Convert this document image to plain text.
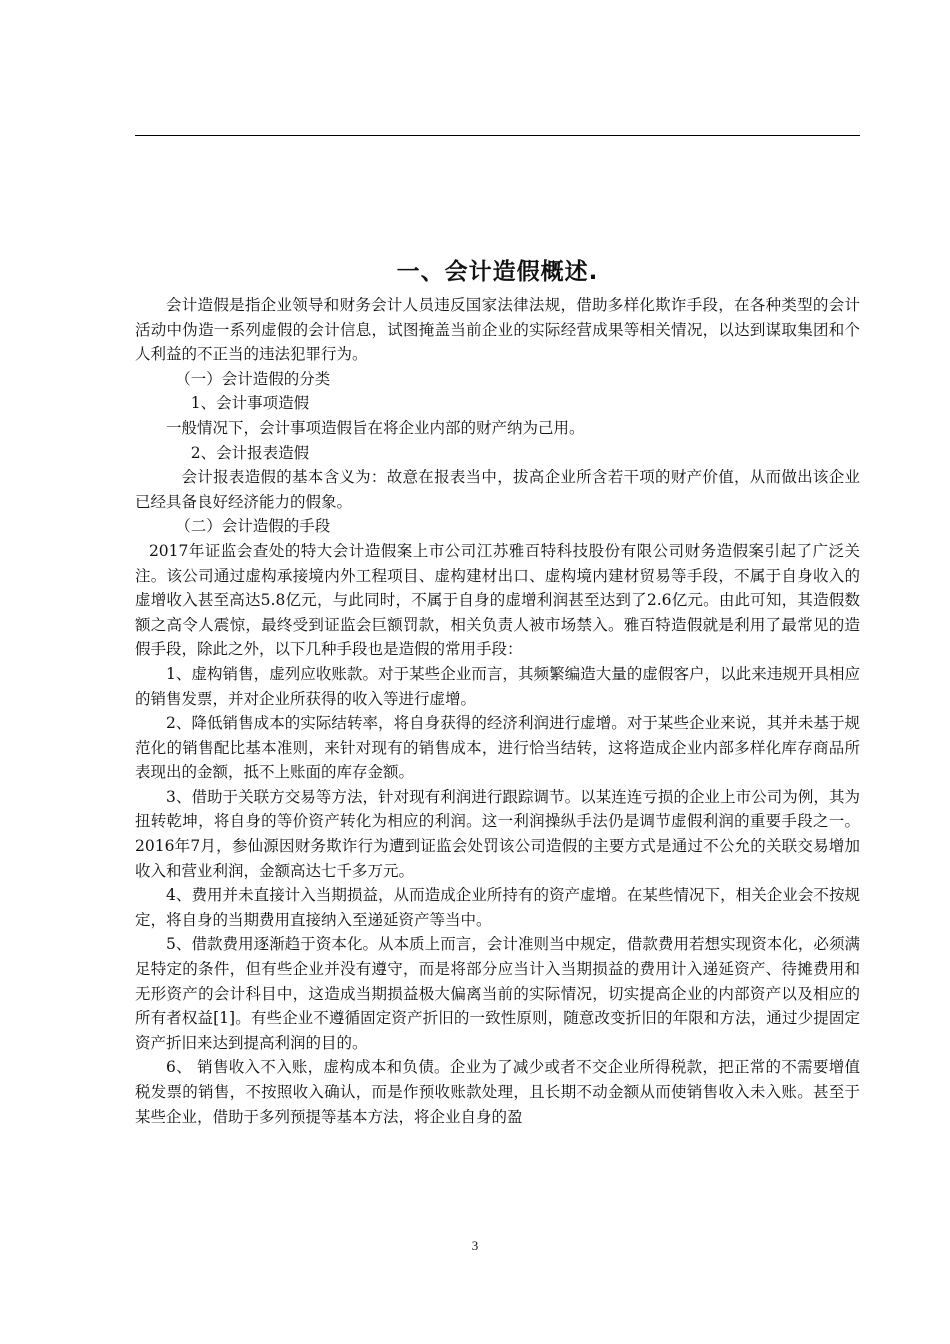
一、会计造假概述.

会计造假是指企业领导和财务会计人员违反国家法律法规，借助多样化欺诈手段，在各种类型的会计活动中伪造一系列虚假的会计信息，试图掩盖当前企业的实际经营成果等相关情况，以达到谋取集团和个人利益的不正当的违法犯罪行为。

（一）会计造假的分类

1、会计事项造假

一般情况下，会计事项造假旨在将企业内部的财产纳为己用。

2、会计报表造假

会计报表造假的基本含义为：故意在报表当中，拔高企业所含若干项的财产价值，从而做出该企业已经具备良好经济能力的假象。

（二）会计造假的手段

2017年证监会查处的特大会计造假案上市公司江苏雅百特科技股份有限公司财务造假案引起了广泛关注。该公司通过虚构承接境内外工程项目、虚构建材出口、虚构境内建材贸易等手段，不属于自身收入的虚增收入甚至高达5.8亿元，与此同时，不属于自身的虚增利润甚至达到了2.6亿元。由此可知，其造假数额之高令人震惊，最终受到证监会巨额罚款，相关负责人被市场禁入。雅百特造假就是利用了最常见的造假手段，除此之外，以下几种手段也是造假的常用手段：

1、虚构销售，虚列应收账款。对于某些企业而言，其频繁编造大量的虚假客户，以此来违规开具相应的销售发票，并对企业所获得的收入等进行虚增。

2、降低销售成本的实际结转率，将自身获得的经济利润进行虚增。对于某些企业来说，其并未基于规范化的销售配比基本准则，来针对现有的销售成本，进行恰当结转，这将造成企业内部多样化库存商品所表现出的金额，抵不上账面的库存金额。

3、借助于关联方交易等方法，针对现有利润进行跟踪调节。以某连连亏损的企业上市公司为例，其为扭转乾坤，将自身的等价资产转化为相应的利润。这一利润操纵手法仍是调节虚假利润的重要手段之一。2016年7月，参仙源因财务欺诈行为遭到证监会处罚该公司造假的主要方式是通过不公允的关联交易增加收入和营业利润，金额高达七千多万元。

4、费用并未直接计入当期损益，从而造成企业所持有的资产虚增。在某些情况下，相关企业会不按规定，将自身的当期费用直接纳入至递延资产等当中。

5、借款费用逐渐趋于资本化。从本质上而言，会计准则当中规定，借款费用若想实现资本化，必须满足特定的条件，但有些企业并没有遵守，而是将部分应当计入当期损益的费用计入递延资产、待摊费用和无形资产的会计科目中，这造成当期损益极大偏离当前的实际情况，切实提高企业的内部资产以及相应的所有者权益[1]。有些企业不遵循固定资产折旧的一致性原则，随意改变折旧的年限和方法，通过少提固定资产折旧来达到提高利润的目的。

6、 销售收入不入账，虚构成本和负债。企业为了减少或者不交企业所得税款，把正常的不需要增值税发票的销售，不按照收入确认，而是作预收账款处理，且长期不动金额从而使销售收入未入账。甚至于某些企业，借助于多列预提等基本方法，将企业自身的盈

3
